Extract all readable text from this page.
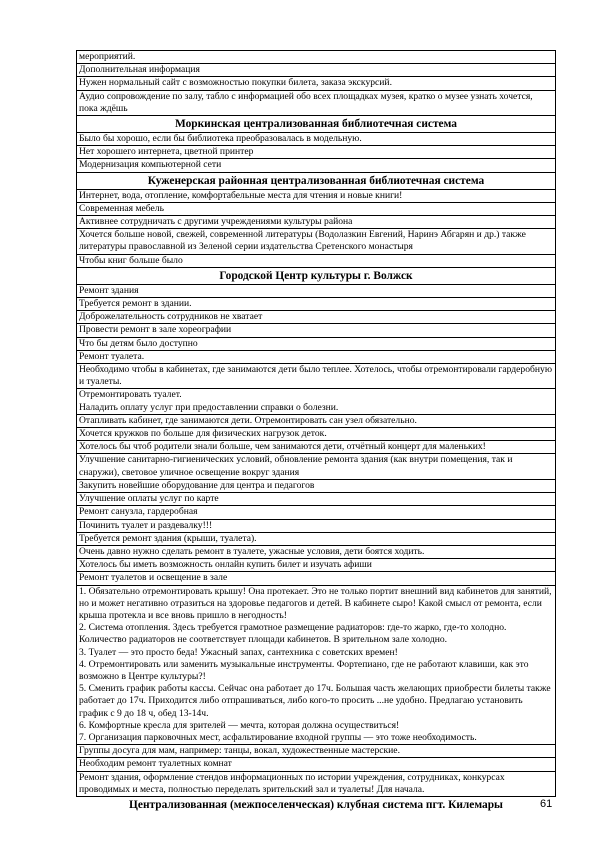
мероприятий.
Дополнительная информация
Нужен нормальный сайт с возможностью покупки билета, заказа экскурсий.
Аудио сопровождение по залу, табло с информацией обо всех площадках музея, кратко о музее узнать хочется, пока ждёшь
Моркинская централизованная библиотечная система
Было бы хорошо, если бы библиотека преобразовалась в модельную.
Нет хорошего интернета, цветной принтер
Модернизация компьютерной сети
Куженерская районная централизованная библиотечная система
Интернет, вода, отопление, комфортабельные места для чтения и новые книги!
Современная мебель
Активнее сотрудничать с другими учреждениями культуры района
Хочется больше новой, свежей, современной литературы (Водолазкин Евгений, Наринэ Абгарян и др.) также литературы православной из Зеленой серии издательства Сретенского монастыря
Чтобы книг больше было
Городской Центр культуры г. Волжск
Ремонт здания
Требуется ремонт в здании.
Доброжелательность сотрудников не хватает
Провести ремонт в зале хореографии
Что бы детям было доступно
Ремонт туалета.
Необходимо чтобы в кабинетах, где занимаются дети было теплее. Хотелось, чтобы отремонтировали гардеробную и туалеты.
Отремонтировать туалет.
Наладить оплату услуг при предоставлении справки о болезни.
Отапливать кабинет, где занимаются дети. Отремонтировать сан узел обязательно.
Хочется кружков по больше для физических нагрузок деток.
Хотелось бы чтоб родители знали больше, чем занимаются дети, отчётный концерт для маленьких!
Улучшение санитарно-гигиенических условий, обновление ремонта здания (как внутри помещения, так и снаружи), световое уличное освещение вокруг здания
Закупить новейшие оборудование для центра и педагогов
Улучшение оплаты услуг по карте
Ремонт санузла, гардеробная
Починить туалет и раздевалку!!!
Требуется ремонт здания (крыши, туалета).
Очень давно нужно сделать ремонт в туалете, ужасные условия, дети боятся ходить.
Хотелось бы иметь возможность онлайн купить билет и изучать афиши
Ремонт туалетов и освещение в зале
1. Обязательно отремонтировать крышу! Она протекает. Это не только портит внешний вид кабинетов для занятий, но и может негативно отразиться на здоровье педагогов и детей. В кабинете сыро! Какой смысл от ремонта, если крыша протекла и все вновь пришло в негодность!
2. Система отопления. Здесь требуется грамотное размещение радиаторов: где-то жарко, где-то холодно. Количество радиаторов не соответствует площади кабинетов. В зрительном зале холодно.
3. Туалет — это просто беда! Ужасный запах, сантехника с советских времен!
4. Отремонтировать или заменить музыкальные инструменты. Фортепиано, где не работают клавиши, как это возможно в Центре культуры?!
5. Сменить график работы кассы. Сейчас она работает до 17ч. Большая часть желающих приобрести билеты также работает до 17ч. Приходится либо отпрашиваться, либо кого-то просить ...не удобно. Предлагаю установить график с 9 до 18 ч, обед 13-14ч.
6. Комфортные кресла для зрителей — мечта, которая должна осуществиться!
7. Организация парковочных мест, асфальтирование входной группы — это тоже необходимость.
Группы досуга для мам, например: танцы, вокал, художественные мастерские.
Необходим ремонт туалетных комнат
Ремонт здания, оформление стендов информационных по истории учреждения, сотрудниках, конкурсах проводимых и места, полностью переделать зрительский зал и туалеты! Для начала.
Централизованная (межпоселенческая) клубная система пгт. Килемары	61
